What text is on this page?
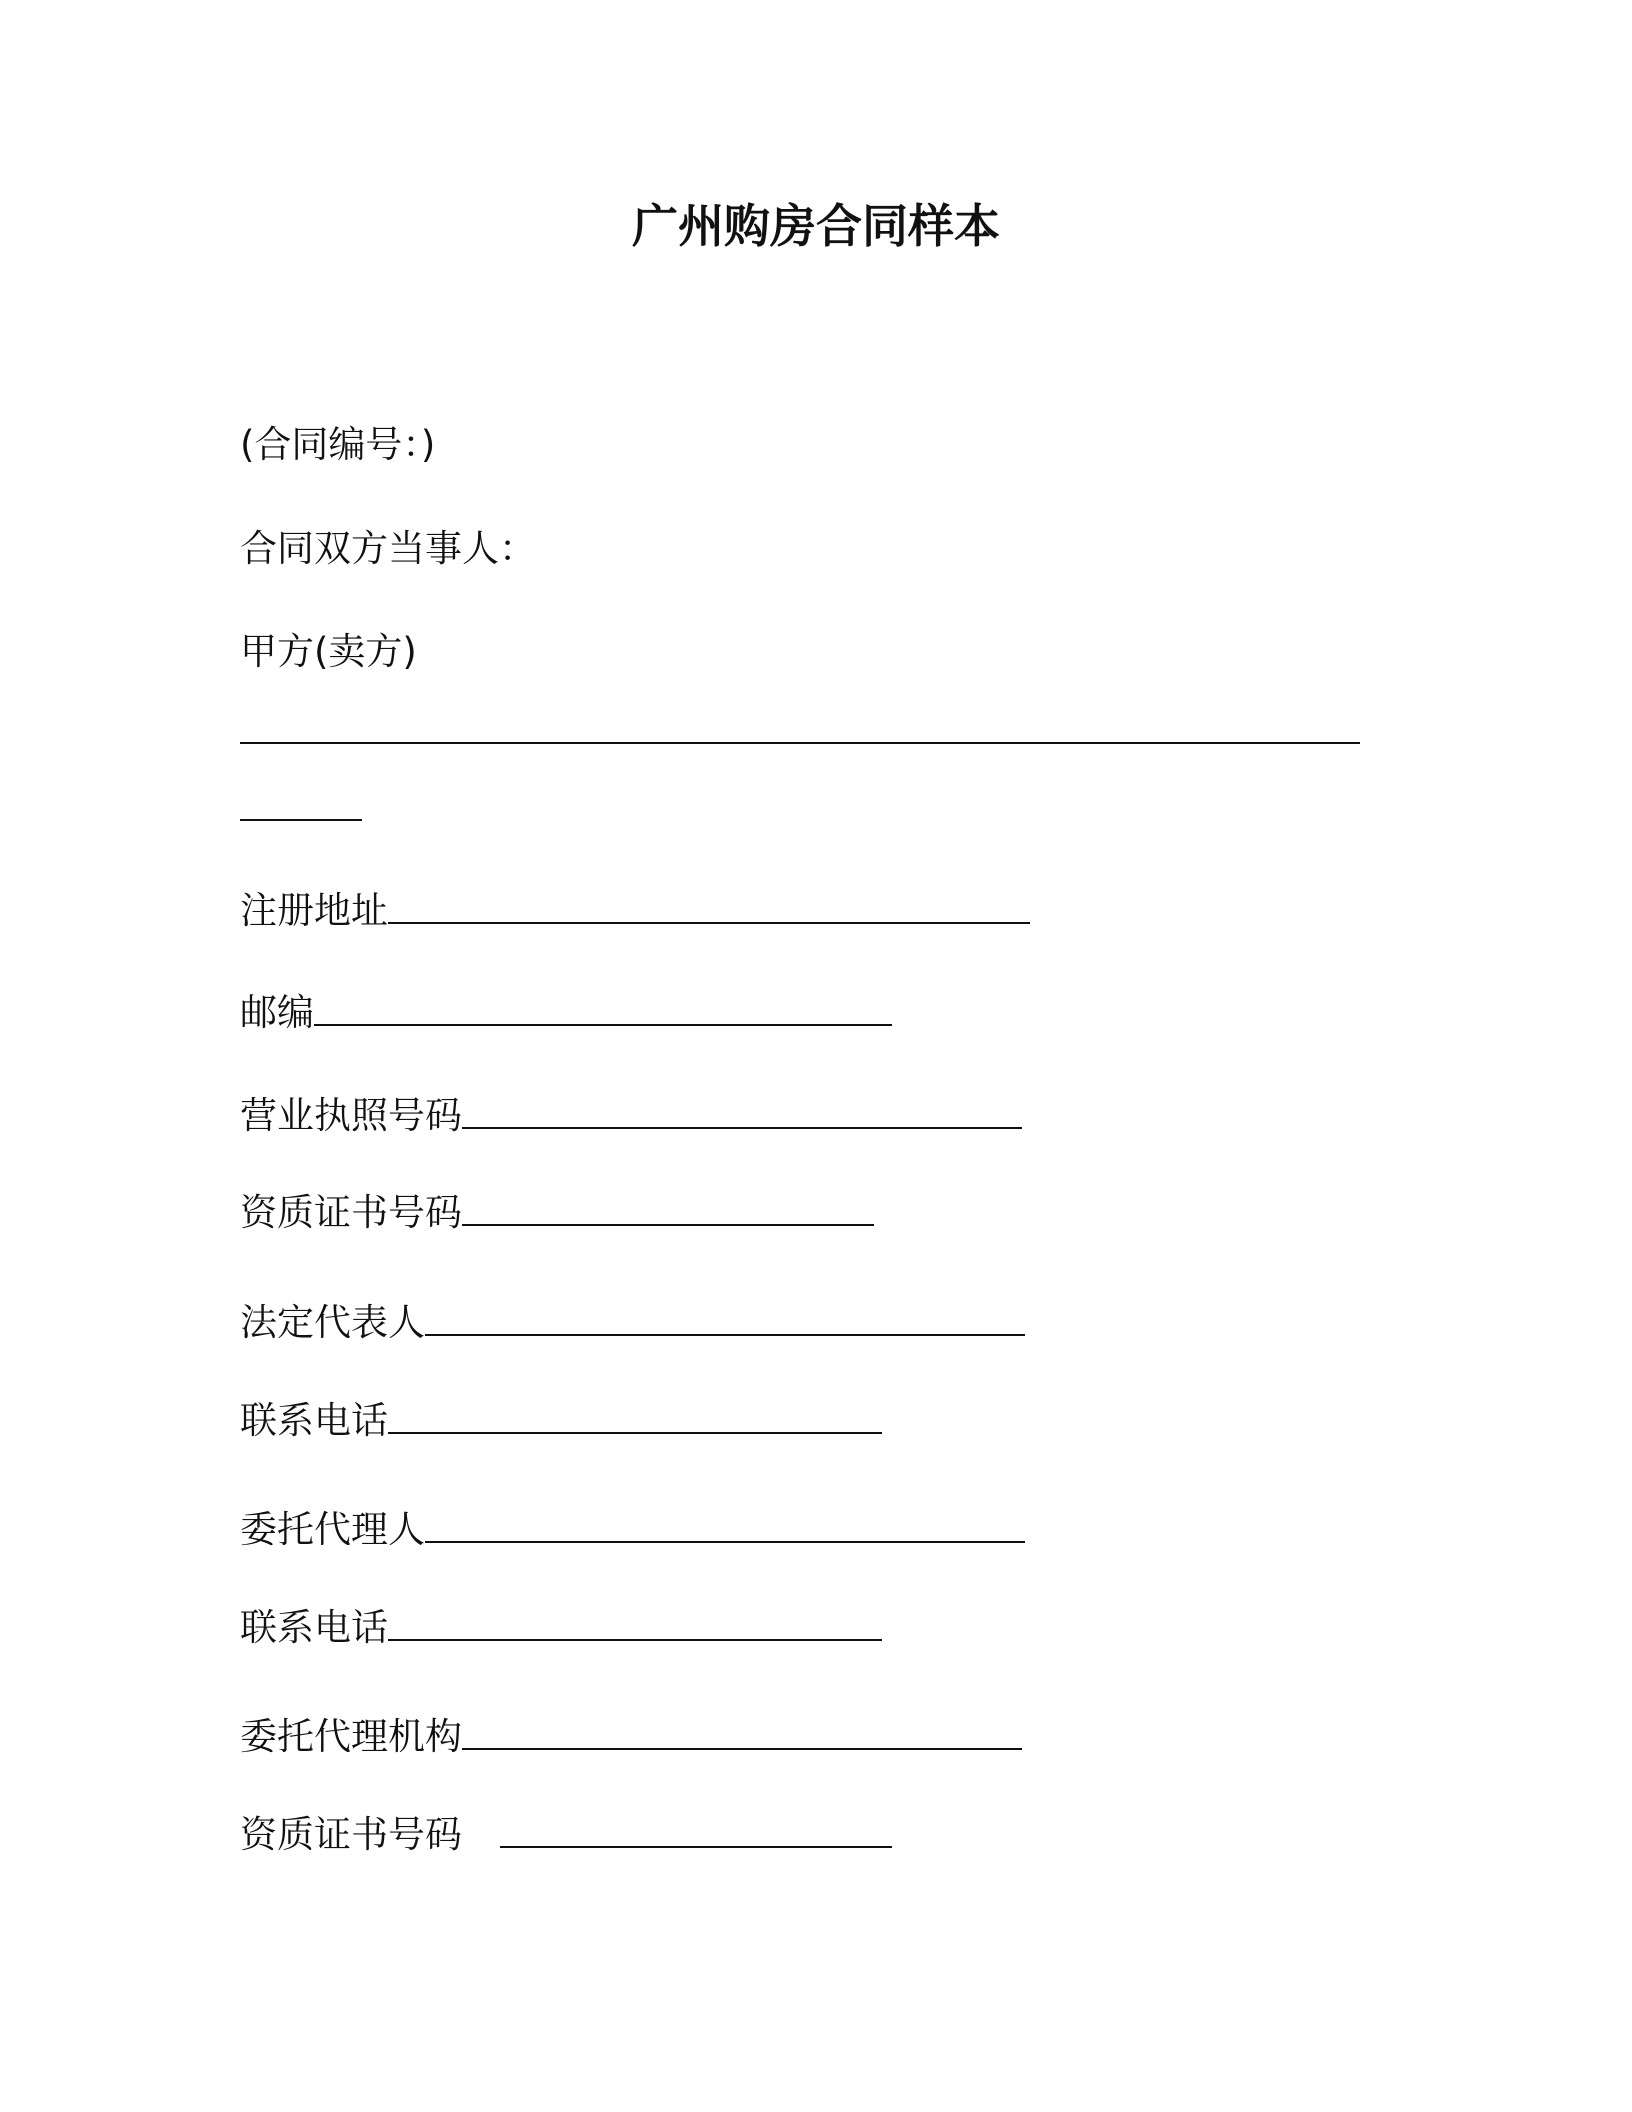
广州购房合同样本
(合同编号：)
合同双方当事人：
甲方(卖方)
注册地址
邮编
营业执照号码
资质证书号码
法定代表人
联系电话
委托代理人
联系电话
委托代理机构
资质证书号码
